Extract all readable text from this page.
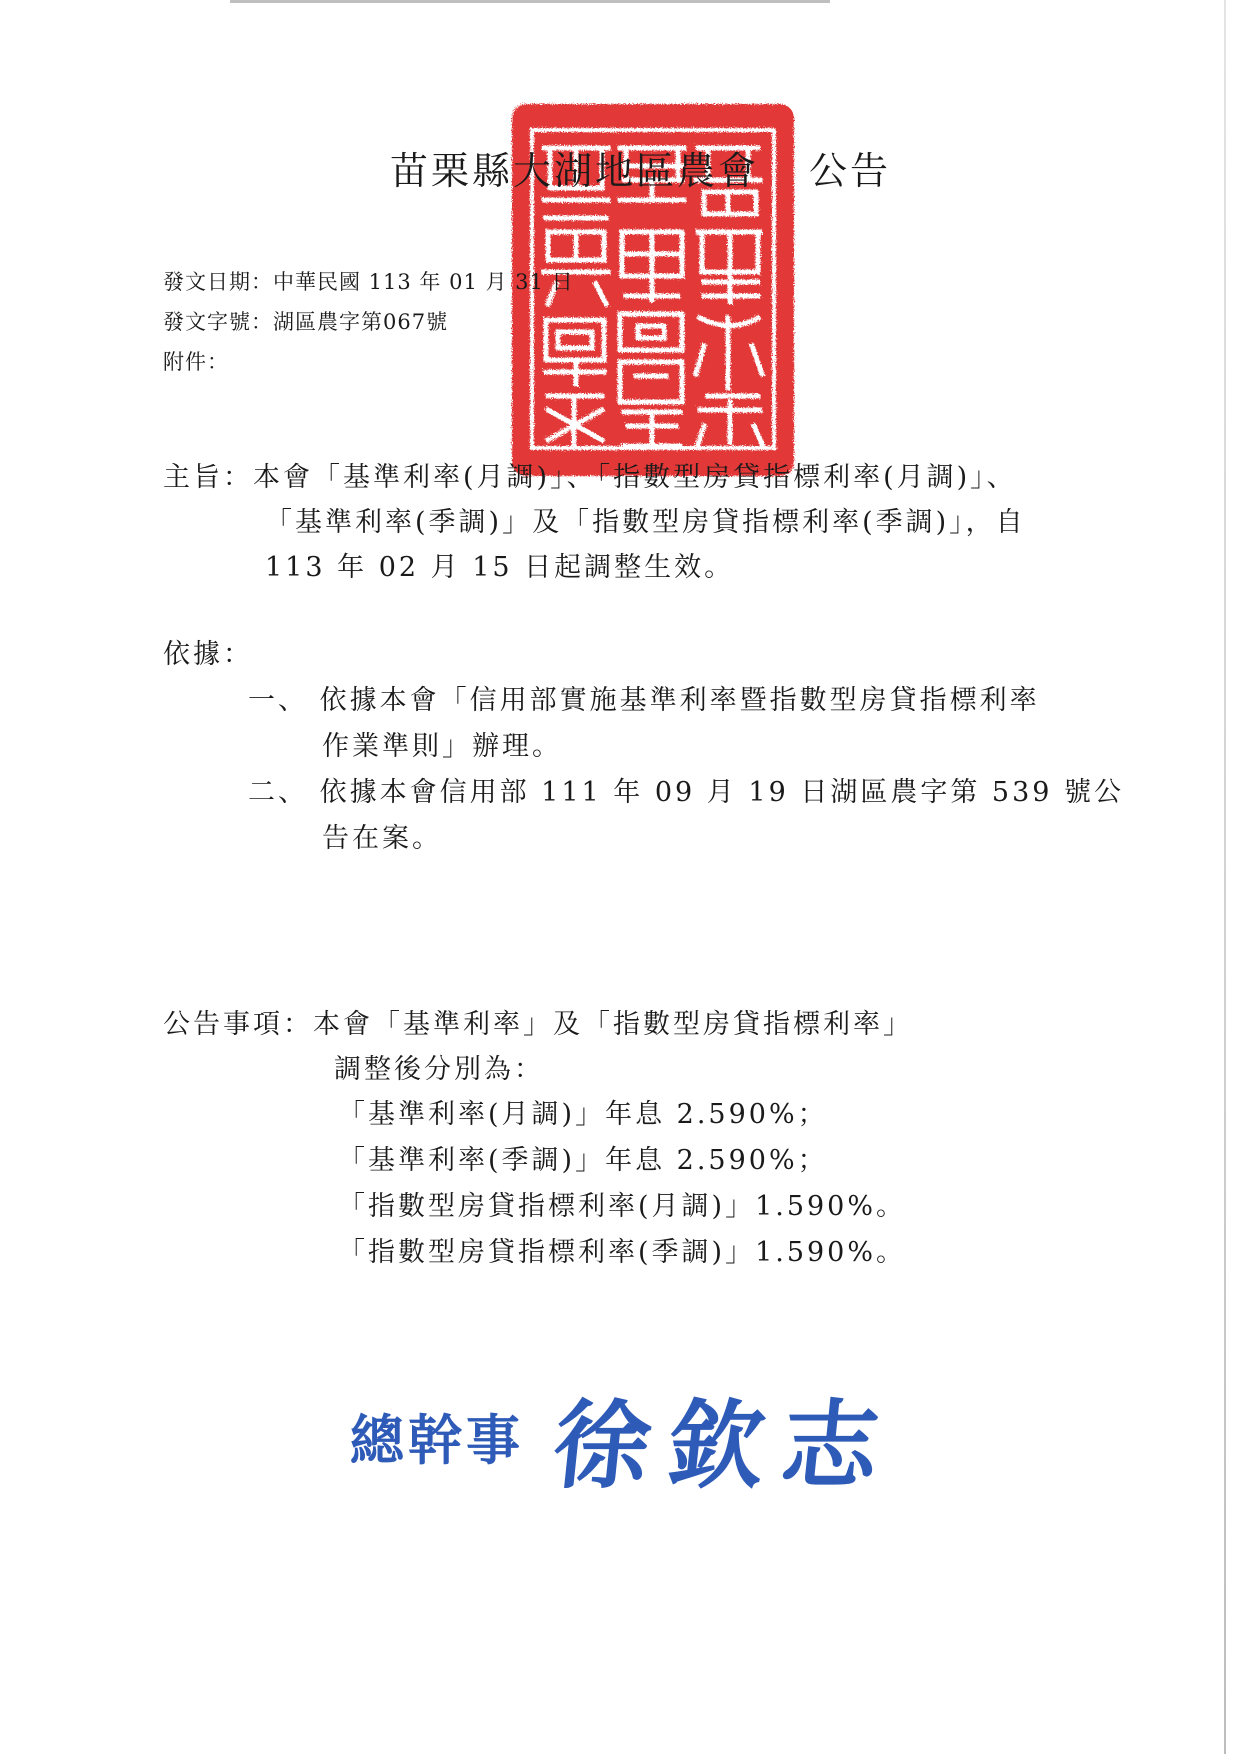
苗栗縣大湖地區農會 公告
發文日期：中華民國 113 年 01 月 31 日
發文字號：湖區農字第067號
附件：
主旨：本會「基準利率(月調)」、「指數型房貸指標利率(月調)」、
「基準利率(季調)」及「指數型房貸指標利率(季調)」，自
113 年 02 月 15 日起調整生效。
依據：
一、 依據本會「信用部實施基準利率暨指數型房貸指標利率
作業準則」辦理。
二、 依據本會信用部 111 年 09 月 19 日湖區農字第 539 號公
告在案。
公告事項：本會「基準利率」及「指數型房貸指標利率」
調整後分別為：
「基準利率(月調)」年息 2.590%；
「基準利率(季調)」年息 2.590%；
「指數型房貸指標利率(月調)」1.590%。
「指數型房貸指標利率(季調)」1.590%。
總幹事 徐欽志
